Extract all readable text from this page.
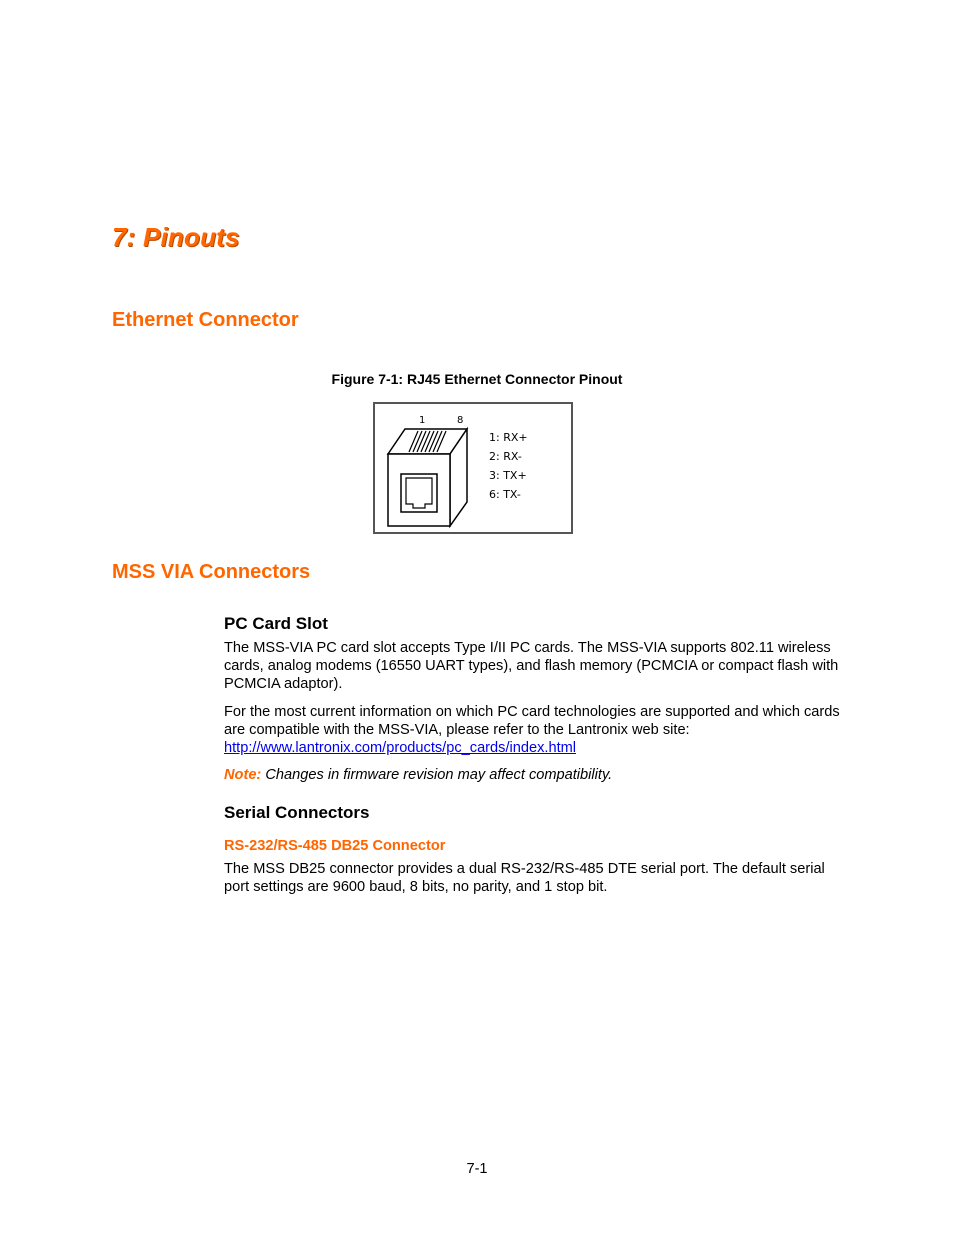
7: Pinouts
Ethernet Connector
Figure 7-1: RJ45 Ethernet Connector Pinout
1	8
1: RX+
2: RX-
3: TX+
6: TX-
MSS VIA Connectors
PC Card Slot

The MSS-VIA PC card slot accepts Type I/II PC cards. The MSS-VIA supports 802.11 wireless cards, analog modems (16550 UART types), and flash memory (PCMCIA or compact flash with PCMCIA adaptor).

For the most current information on which PC card technologies are supported and which cards are compatible with the MSS-VIA, please refer to the Lantronix web site:
http://www.lantronix.com/products/pc_cards/index.html

Note: Changes in firmware revision may affect compatibility.

Serial Connectors
RS-232/RS-485 DB25 Connector

The MSS DB25 connector provides a dual RS-232/RS-485 DTE serial port. The default serial port settings are 9600 baud, 8 bits, no parity, and 1 stop bit.

7-1
